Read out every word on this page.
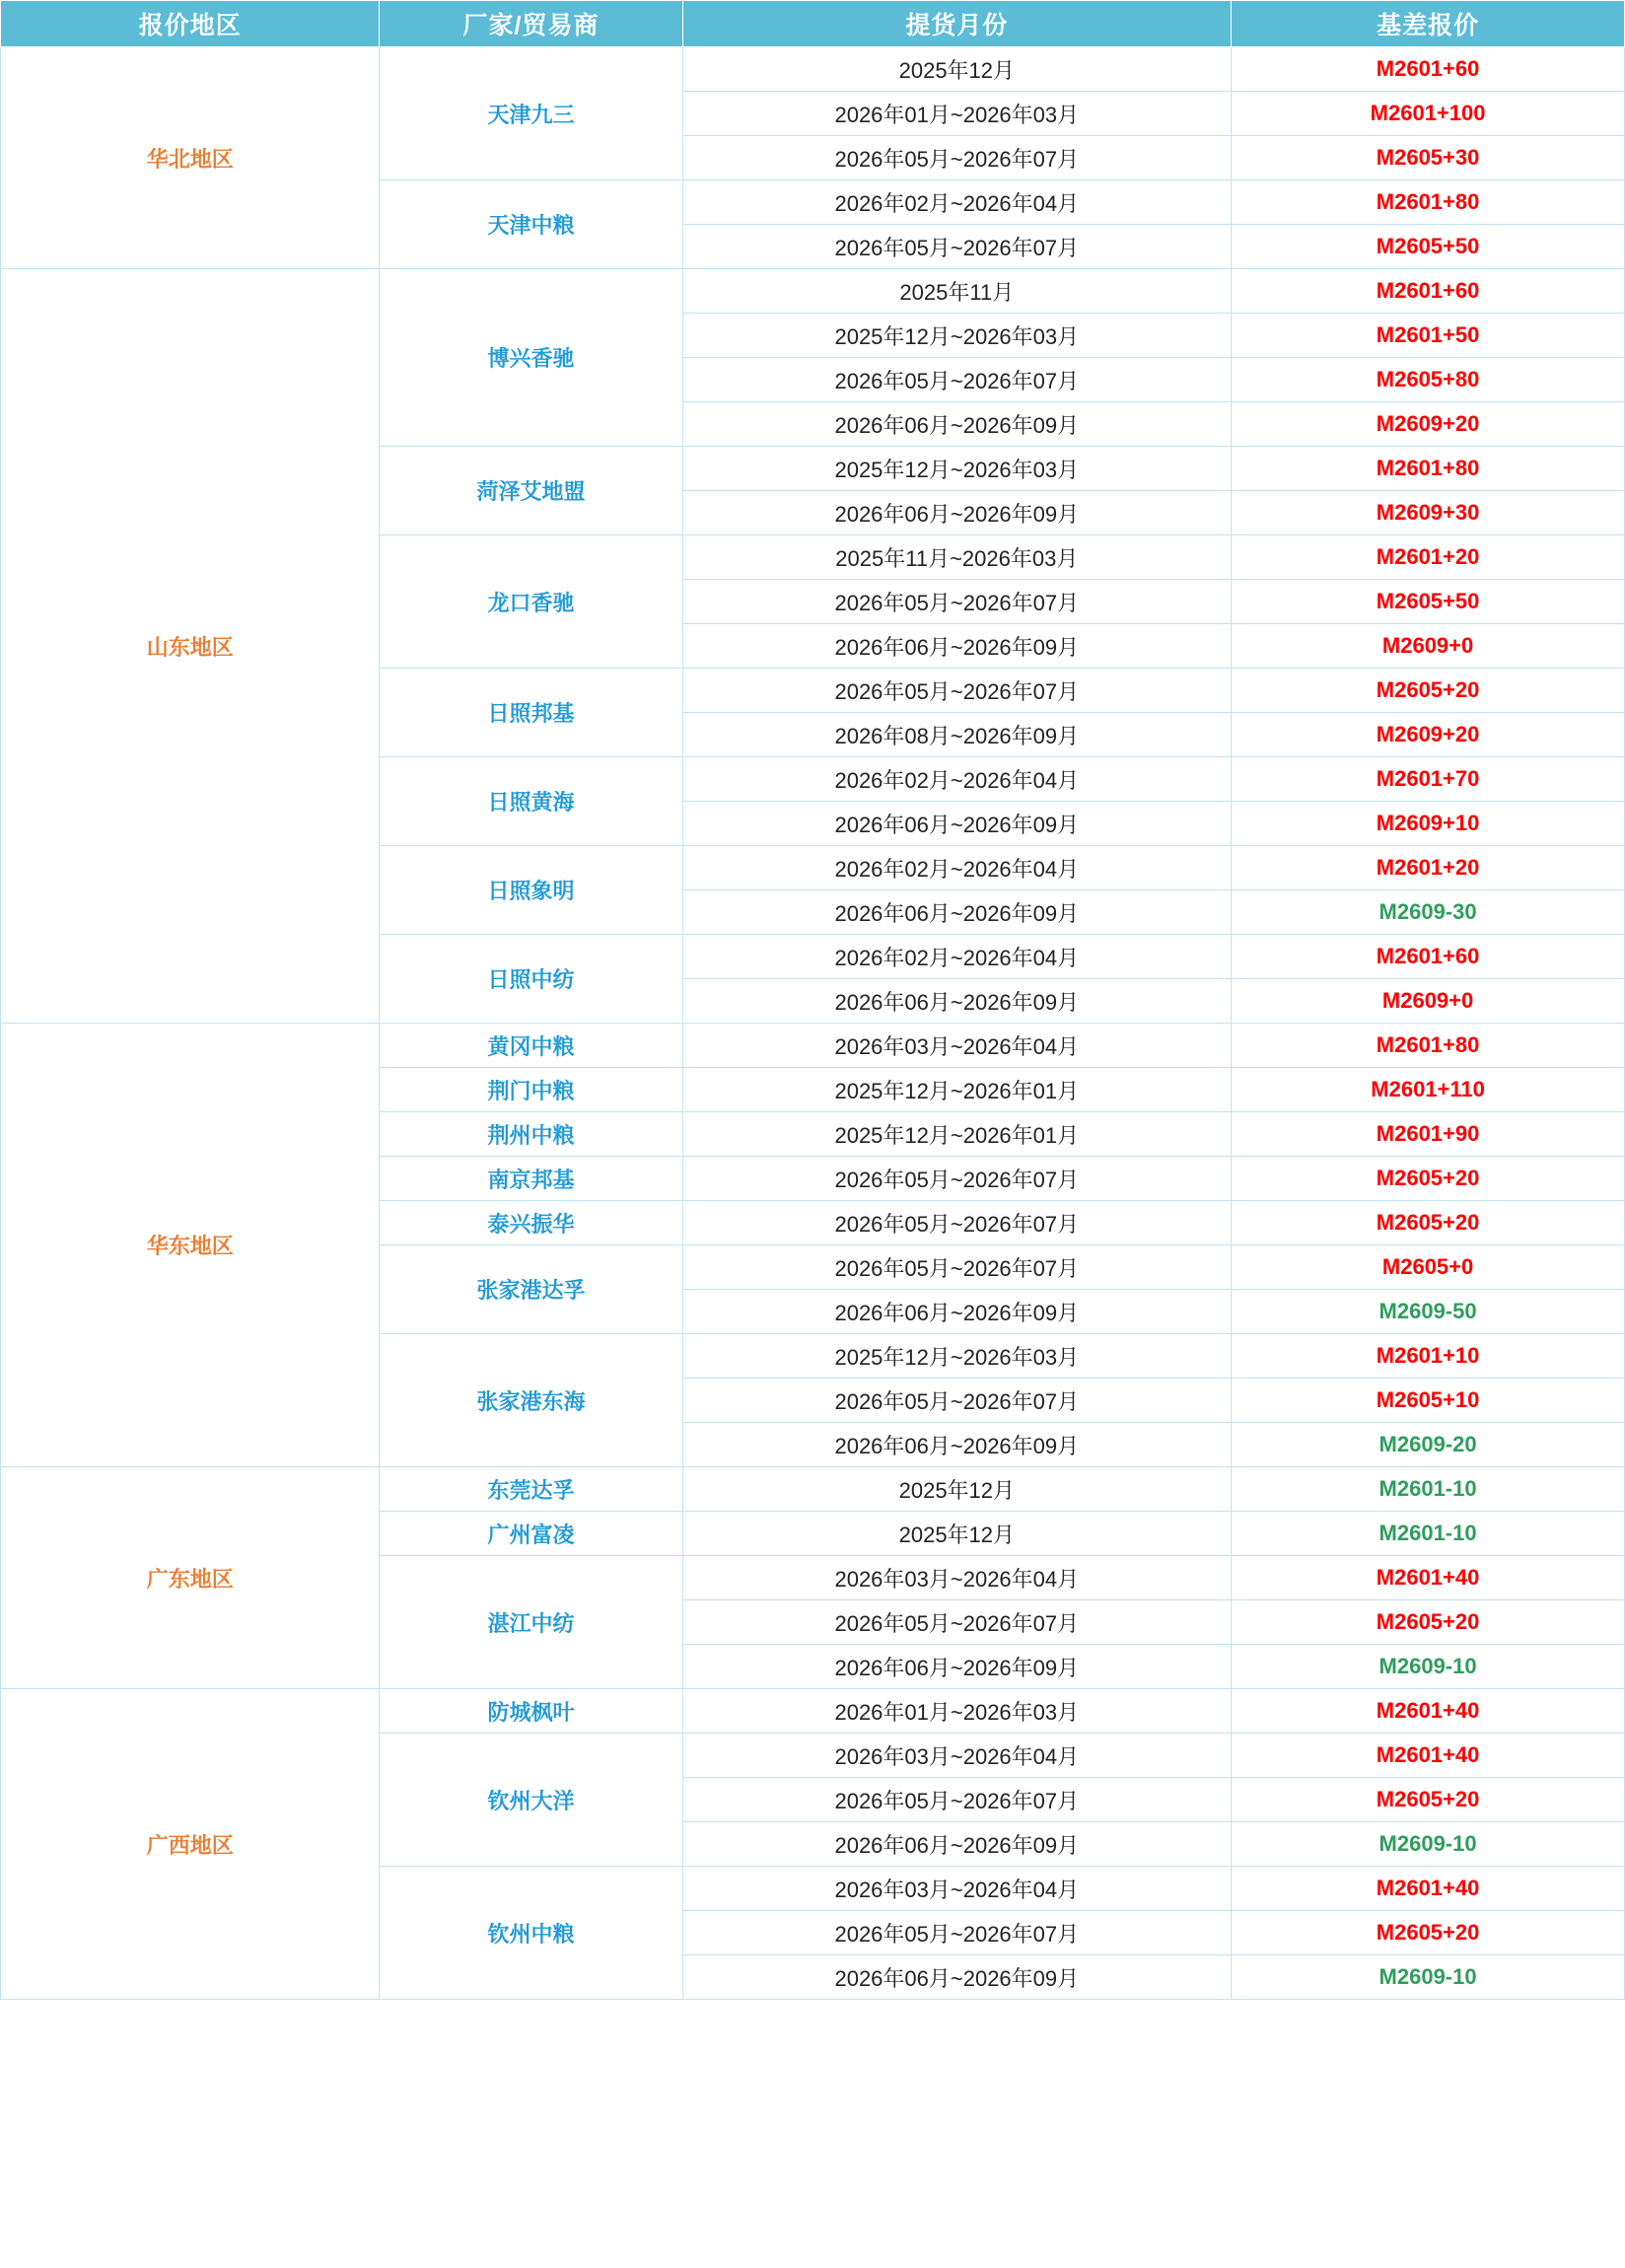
报价地区	厂家/贸易商	提货月份	基差报价
华北地区	天津九三	2025年12月	M2601+60
		2026年01月~2026年03月	M2601+100
		2026年05月~2026年07月	M2605+30
	天津中粮	2026年02月~2026年04月	M2601+80
		2026年05月~2026年07月	M2605+50
山东地区	博兴香驰	2025年11月	M2601+60
		2025年12月~2026年03月	M2601+50
		2026年05月~2026年07月	M2605+80
		2026年06月~2026年09月	M2609+20
	菏泽艾地盟	2025年12月~2026年03月	M2601+80
		2026年06月~2026年09月	M2609+30
	龙口香驰	2025年11月~2026年03月	M2601+20
		2026年05月~2026年07月	M2605+50
		2026年06月~2026年09月	M2609+0
	日照邦基	2026年05月~2026年07月	M2605+20
		2026年08月~2026年09月	M2609+20
	日照黄海	2026年02月~2026年04月	M2601+70
		2026年06月~2026年09月	M2609+10
	日照象明	2026年02月~2026年04月	M2601+20
		2026年06月~2026年09月	M2609-30
	日照中纺	2026年02月~2026年04月	M2601+60
		2026年06月~2026年09月	M2609+0
华东地区	黄冈中粮	2026年03月~2026年04月	M2601+80
	荆门中粮	2025年12月~2026年01月	M2601+110
	荆州中粮	2025年12月~2026年01月	M2601+90
	南京邦基	2026年05月~2026年07月	M2605+20
	泰兴振华	2026年05月~2026年07月	M2605+20
	张家港达孚	2026年05月~2026年07月	M2605+0
		2026年06月~2026年09月	M2609-50
	张家港东海	2025年12月~2026年03月	M2601+10
		2026年05月~2026年07月	M2605+10
		2026年06月~2026年09月	M2609-20
广东地区	东莞达孚	2025年12月	M2601-10
	广州富凌	2025年12月	M2601-10
	湛江中纺	2026年03月~2026年04月	M2601+40
		2026年05月~2026年07月	M2605+20
		2026年06月~2026年09月	M2609-10
广西地区	防城枫叶	2026年01月~2026年03月	M2601+40
	钦州大洋	2026年03月~2026年04月	M2601+40
		2026年05月~2026年07月	M2605+20
		2026年06月~2026年09月	M2609-10
	钦州中粮	2026年03月~2026年04月	M2601+40
		2026年05月~2026年07月	M2605+20
		2026年06月~2026年09月	M2609-10
